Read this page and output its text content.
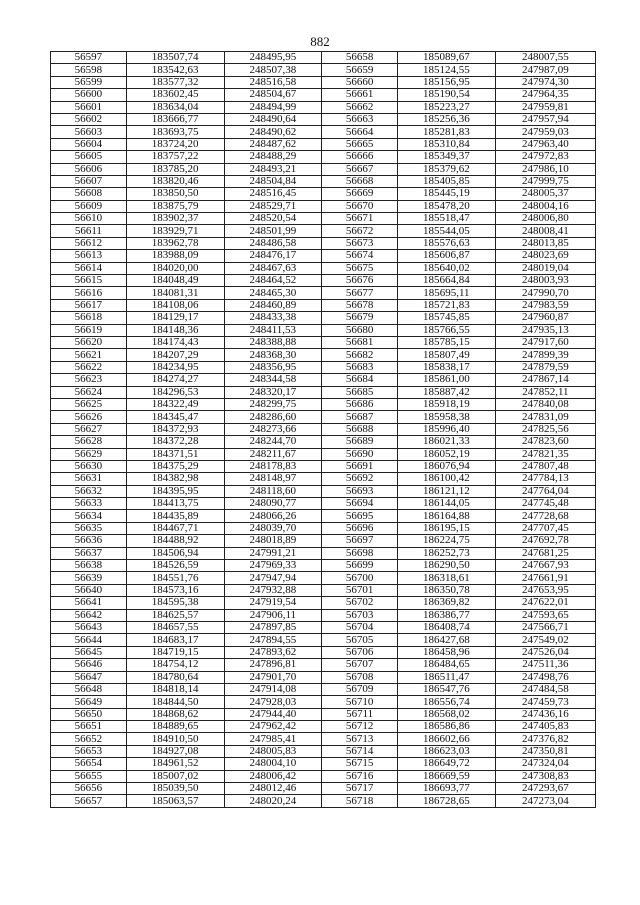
882
56597	183507,74	248495,95	56658	185089,67	248007,55
56598	183542,63	248507,38	56659	185124,55	247987,09
56599	183577,32	248516,58	56660	185156,95	247974,30
56600	183602,45	248504,67	56661	185190,54	247964,35
56601	183634,04	248494,99	56662	185223,27	247959,81
56602	183666,77	248490,64	56663	185256,36	247957,94
56603	183693,75	248490,62	56664	185281,83	247959,03
56604	183724,20	248487,62	56665	185310,84	247963,40
56605	183757,22	248488,29	56666	185349,37	247972,83
56606	183785,20	248493,21	56667	185379,62	247986,10
56607	183820,46	248504,84	56668	185405,85	247999,75
56608	183850,50	248516,45	56669	185445,19	248005,37
56609	183875,79	248529,71	56670	185478,20	248004,16
56610	183902,37	248520,54	56671	185518,47	248006,80
56611	183929,71	248501,99	56672	185544,05	248008,41
56612	183962,78	248486,58	56673	185576,63	248013,85
56613	183988,09	248476,17	56674	185606,87	248023,69
56614	184020,00	248467,63	56675	185640,02	248019,04
56615	184048,49	248464,52	56676	185664,84	248003,93
56616	184081,31	248465,30	56677	185695,11	247990,70
56617	184108,06	248460,89	56678	185721,83	247983,59
56618	184129,17	248433,38	56679	185745,85	247960,87
56619	184148,36	248411,53	56680	185766,55	247935,13
56620	184174,43	248388,88	56681	185785,15	247917,60
56621	184207,29	248368,30	56682	185807,49	247899,39
56622	184234,95	248356,95	56683	185838,17	247879,59
56623	184274,27	248344,58	56684	185861,00	247867,14
56624	184296,53	248320,17	56685	185887,42	247852,11
56625	184322,49	248299,75	56686	185918,19	247840,08
56626	184345,47	248286,60	56687	185958,38	247831,09
56627	184372,93	248273,66	56688	185996,40	247825,56
56628	184372,28	248244,70	56689	186021,33	247823,60
56629	184371,51	248211,67	56690	186052,19	247821,35
56630	184375,29	248178,83	56691	186076,94	247807,48
56631	184382,98	248148,97	56692	186100,42	247784,13
56632	184395,95	248118,60	56693	186121,12	247764,04
56633	184413,75	248090,77	56694	186144,05	247745,48
56634	184435,89	248066,26	56695	186164,88	247728,68
56635	184467,71	248039,70	56696	186195,15	247707,45
56636	184488,92	248018,89	56697	186224,75	247692,78
56637	184506,94	247991,21	56698	186252,73	247681,25
56638	184526,59	247969,33	56699	186290,50	247667,93
56639	184551,76	247947,94	56700	186318,61	247661,91
56640	184573,16	247932,88	56701	186350,78	247653,95
56641	184595,38	247919,54	56702	186369,82	247622,01
56642	184625,57	247906,11	56703	186386,77	247593,65
56643	184657,55	247897,85	56704	186408,74	247566,71
56644	184683,17	247894,55	56705	186427,68	247549,02
56645	184719,15	247893,62	56706	186458,96	247526,04
56646	184754,12	247896,81	56707	186484,65	247511,36
56647	184780,64	247901,70	56708	186511,47	247498,76
56648	184818,14	247914,08	56709	186547,76	247484,58
56649	184844,50	247928,03	56710	186556,74	247459,73
56650	184868,62	247944,40	56711	186568,02	247436,16
56651	184889,65	247962,42	56712	186586,86	247405,83
56652	184910,50	247985,41	56713	186602,66	247376,82
56653	184927,08	248005,83	56714	186623,03	247350,81
56654	184961,52	248004,10	56715	186649,72	247324,04
56655	185007,02	248006,42	56716	186669,59	247308,83
56656	185039,50	248012,46	56717	186693,77	247293,67
56657	185063,57	248020,24	56718	186728,65	247273,04
